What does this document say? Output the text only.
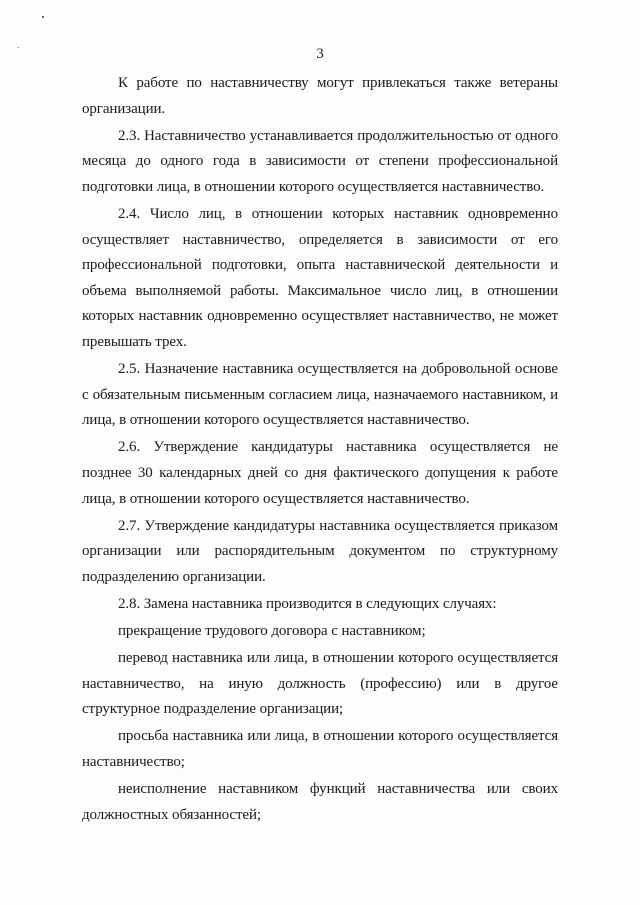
3

К работе по наставничеству могут привлекаться также ветераны организации.

2.3. Наставничество устанавливается продолжительностью от одного месяца до одного года в зависимости от степени профессиональной подготовки лица, в отношении которого осуществляется наставничество.

2.4. Число лиц, в отношении которых наставник одновременно осуществляет наставничество, определяется в зависимости от его профессиональной подготовки, опыта наставнической деятельности и объема выполняемой работы. Максимальное число лиц, в отношении которых наставник одновременно осуществляет наставничество, не может превышать трех.

2.5. Назначение наставника осуществляется на добровольной основе с обязательным письменным согласием лица, назначаемого наставником, и лица, в отношении которого осуществляется наставничество.

2.6. Утверждение кандидатуры наставника осуществляется не позднее 30 календарных дней со дня фактического допущения к работе лица, в отношении которого осуществляется наставничество.

2.7. Утверждение кандидатуры наставника осуществляется приказом организации или распорядительным документом по структурному подразделению организации.

2.8. Замена наставника производится в следующих случаях:

прекращение трудового договора с наставником;

перевод наставника или лица, в отношении которого осуществляется наставничество, на иную должность (профессию) или в другое структурное подразделение организации;

просьба наставника или лица, в отношении которого осуществляется наставничество;

неисполнение наставником функций наставничества или своих должностных обязанностей;
